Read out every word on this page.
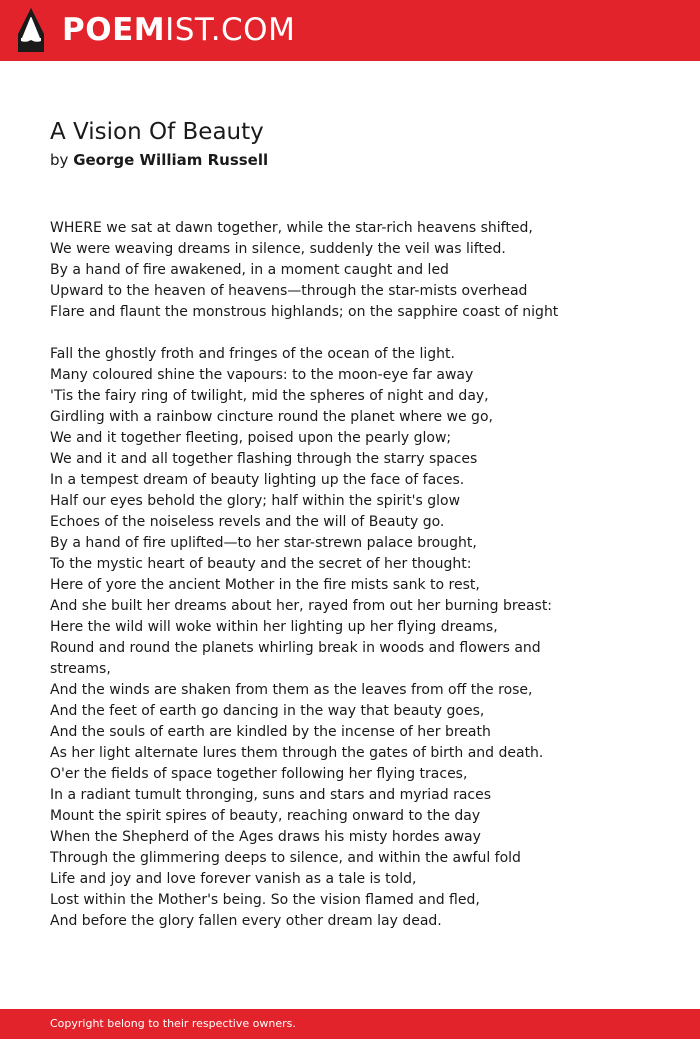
POEMIST.COM
A Vision Of Beauty
by George William Russell
WHERE we sat at dawn together, while the star-rich heavens shifted,
We were weaving dreams in silence, suddenly the veil was lifted.
By a hand of fire awakened, in a moment caught and led
Upward to the heaven of heavens—through the star-mists overhead
Flare and flaunt the monstrous highlands; on the sapphire coast of night
Fall the ghostly froth and fringes of the ocean of the light.
Many coloured shine the vapours: to the moon-eye far away
'Tis the fairy ring of twilight, mid the spheres of night and day,
Girdling with a rainbow cincture round the planet where we go,
We and it together fleeting, poised upon the pearly glow;
We and it and all together flashing through the starry spaces
In a tempest dream of beauty lighting up the face of faces.
Half our eyes behold the glory; half within the spirit's glow
Echoes of the noiseless revels and the will of Beauty go.
By a hand of fire uplifted—to her star-strewn palace brought,
To the mystic heart of beauty and the secret of her thought:
Here of yore the ancient Mother in the fire mists sank to rest,
And she built her dreams about her, rayed from out her burning breast:
Here the wild will woke within her lighting up her flying dreams,
Round and round the planets whirling break in woods and flowers and streams,
And the winds are shaken from them as the leaves from off the rose,
And the feet of earth go dancing in the way that beauty goes,
And the souls of earth are kindled by the incense of her breath
As her light alternate lures them through the gates of birth and death.
O'er the fields of space together following her flying traces,
In a radiant tumult thronging, suns and stars and myriad races
Mount the spirit spires of beauty, reaching onward to the day
When the Shepherd of the Ages draws his misty hordes away
Through the glimmering deeps to silence, and within the awful fold
Life and joy and love forever vanish as a tale is told,
Lost within the Mother's being. So the vision flamed and fled,
And before the glory fallen every other dream lay dead.
Copyright belong to their respective owners.
